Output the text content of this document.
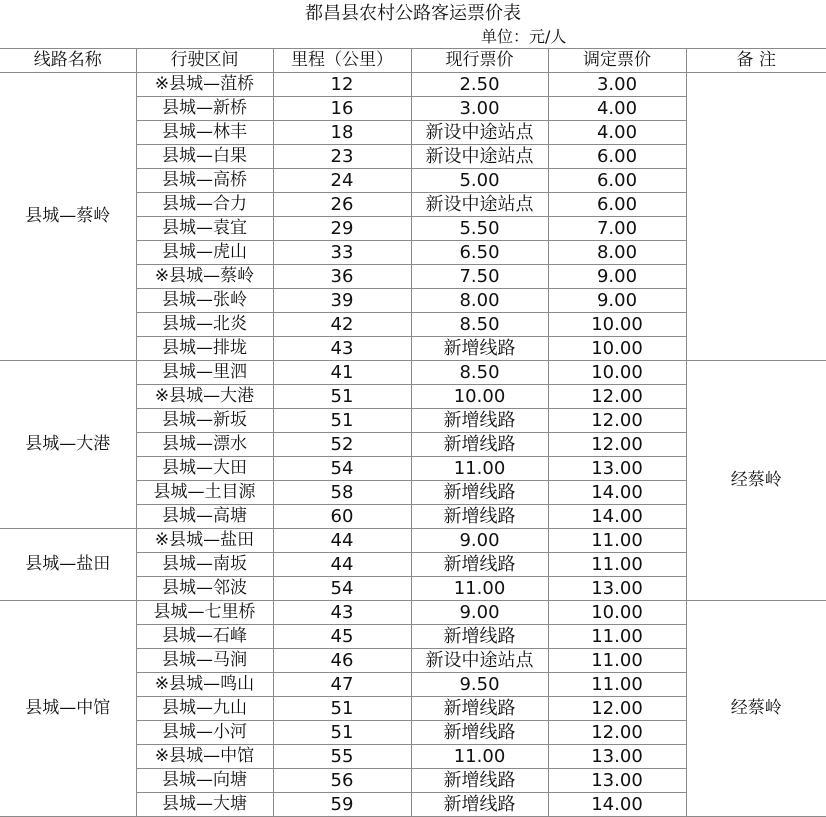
都昌县农村公路客运票价表
单位：元/人
线路名称	行驶区间	里程（公里）	现行票价	调定票价	备 注
县城—蔡岭	※县城—菹桥	12	2.50	3.00	
	县城—新桥	16	3.00	4.00	
	县城—林丰	18	新设中途站点	4.00	
	县城—白果	23	新设中途站点	6.00	
	县城—高桥	24	5.00	6.00	
	县城—合力	26	新设中途站点	6.00	
	县城—袁宜	29	5.50	7.00	
	县城—虎山	33	6.50	8.00	
	※县城—蔡岭	36	7.50	9.00	
	县城—张岭	39	8.00	9.00	
	县城—北炎	42	8.50	10.00	
	县城—排垅	43	新增线路	10.00	
县城—大港	县城—里泗	41	8.50	10.00	经蔡岭
	※县城—大港	51	10.00	12.00	
	县城—新坂	51	新增线路	12.00	
	县城—漂水	52	新增线路	12.00	
	县城—大田	54	11.00	13.00	
	县城—土目源	58	新增线路	14.00	
	县城—高塘	60	新增线路	14.00	
县城—盐田	※县城—盐田	44	9.00	11.00	
	县城—南坂	44	新增线路	11.00	
	县城—邻波	54	11.00	13.00	
县城—中馆	县城—七里桥	43	9.00	10.00	经蔡岭
	县城—石峰	45	新增线路	11.00	
	县城—马涧	46	新设中途站点	11.00	
	※县城—鸣山	47	9.50	11.00	
	县城—九山	51	新增线路	12.00	
	县城—小河	51	新增线路	12.00	
	※县城—中馆	55	11.00	13.00	
	县城—向塘	56	新增线路	13.00	
	县城—大塘	59	新增线路	14.00	
